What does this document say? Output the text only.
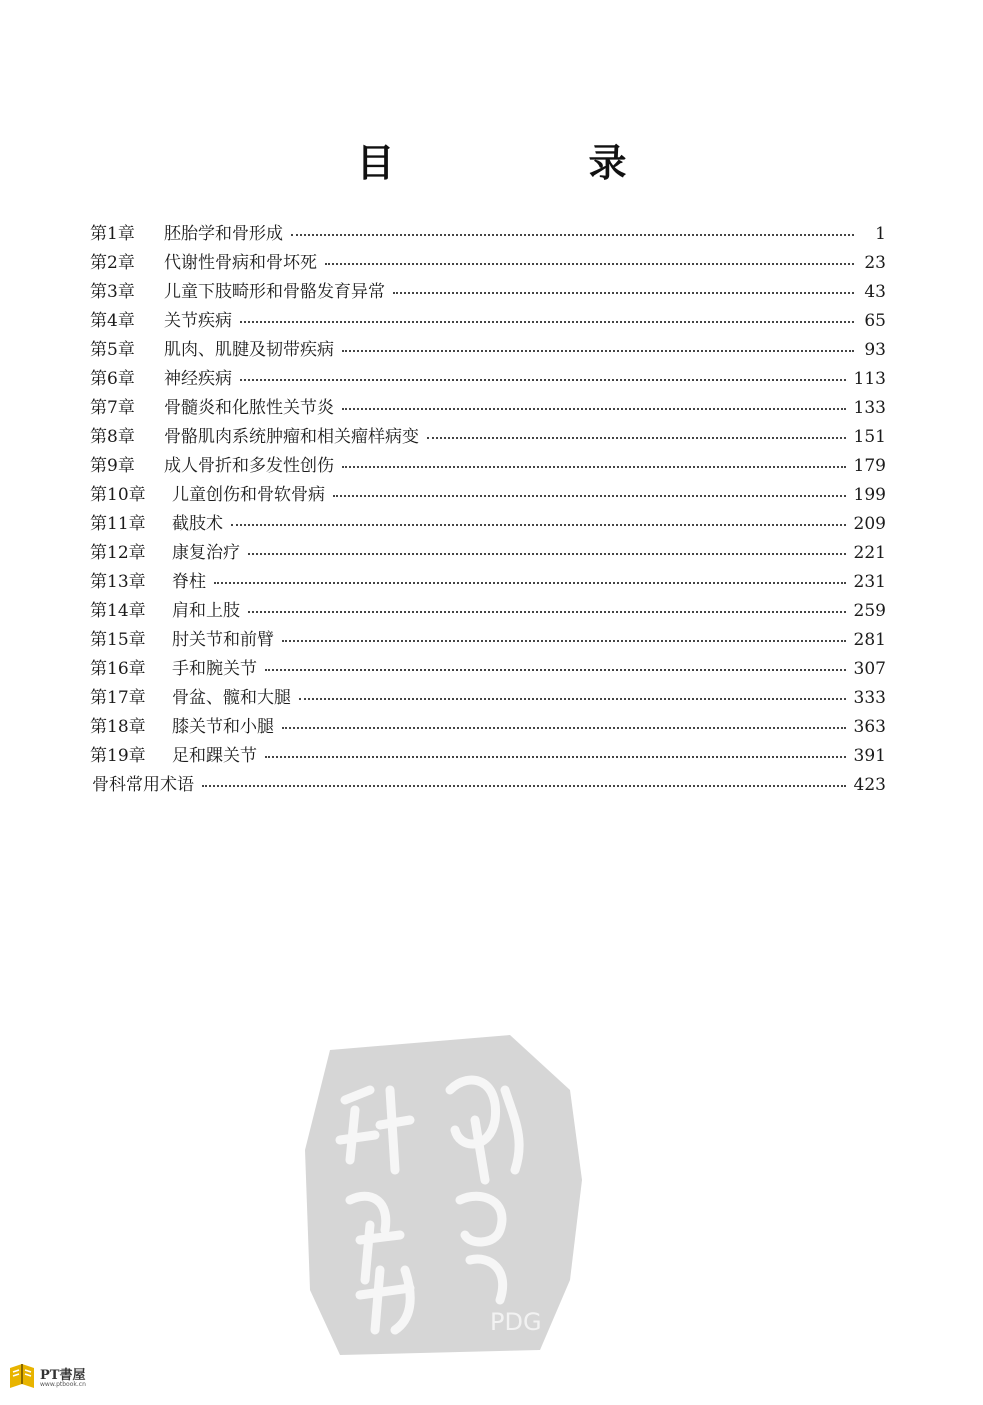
目　录
第1章	胚胎学和骨形成	1
第2章	代谢性骨病和骨坏死	23
第3章	儿童下肢畸形和骨骼发育异常	43
第4章	关节疾病	65
第5章	肌肉、肌腱及韧带疾病	93
第6章	神经疾病	113
第7章	骨髓炎和化脓性关节炎	133
第8章	骨骼肌肉系统肿瘤和相关瘤样病变	151
第9章	成人骨折和多发性创伤	179
第10章	儿童创伤和骨软骨病	199
第11章	截肢术	209
第12章	康复治疗	221
第13章	脊柱	231
第14章	肩和上肢	259
第15章	肘关节和前臂	281
第16章	手和腕关节	307
第17章	骨盆、髋和大腿	333
第18章	膝关节和小腿	363
第19章	足和踝关节	391
骨科常用术语	423
PDG
PT書屋
www.ptbook.cn
